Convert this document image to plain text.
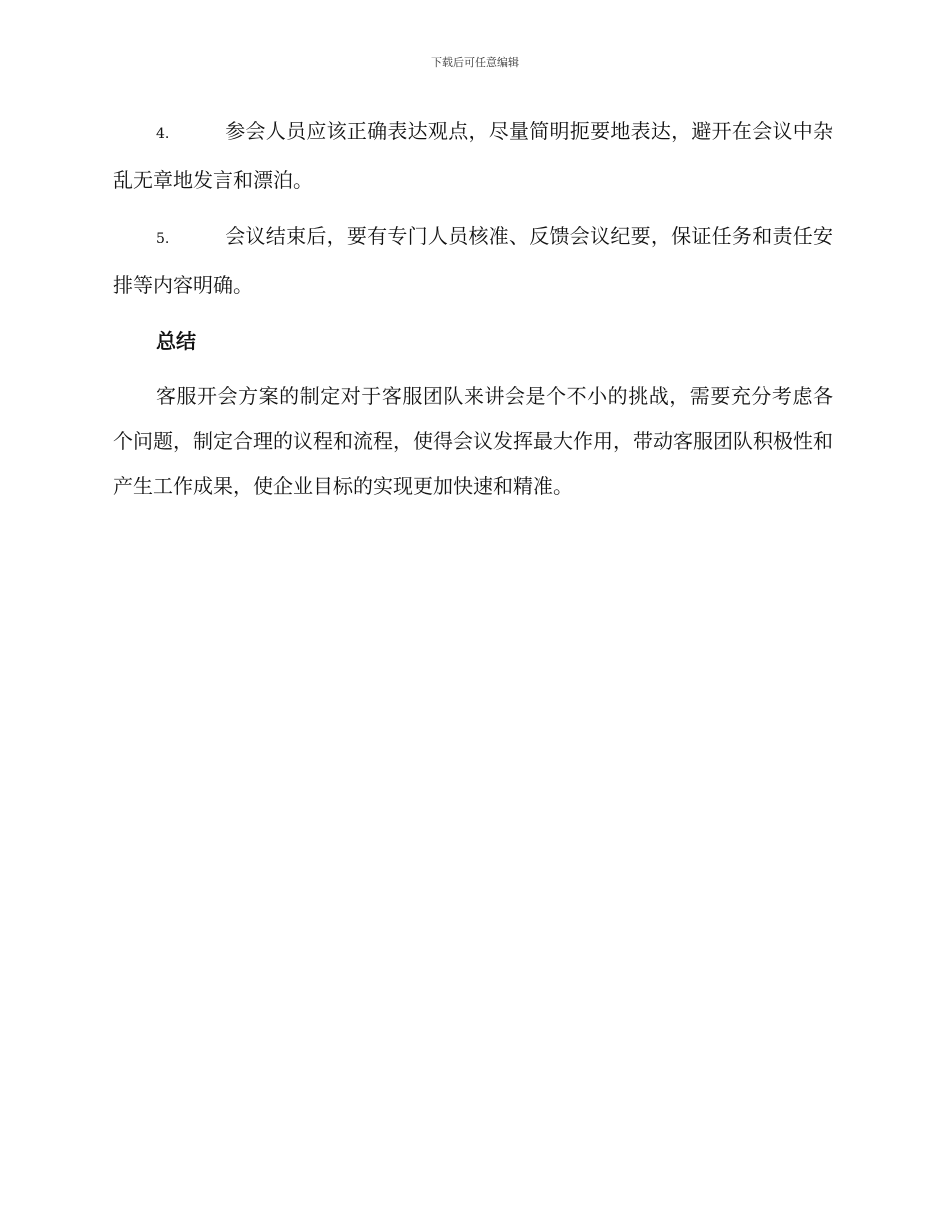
下载后可任意编辑

4.	参会人员应该正确表达观点，尽量简明扼要地表达，避开在会议中杂乱无章地发言和漂泊。

5.	会议结束后，要有专门人员核准、反馈会议纪要，保证任务和责任安排等内容明确。

总结

客服开会方案的制定对于客服团队来讲会是个不小的挑战，需要充分考虑各个问题，制定合理的议程和流程，使得会议发挥最大作用，带动客服团队积极性和产生工作成果，使企业目标的实现更加快速和精准。
